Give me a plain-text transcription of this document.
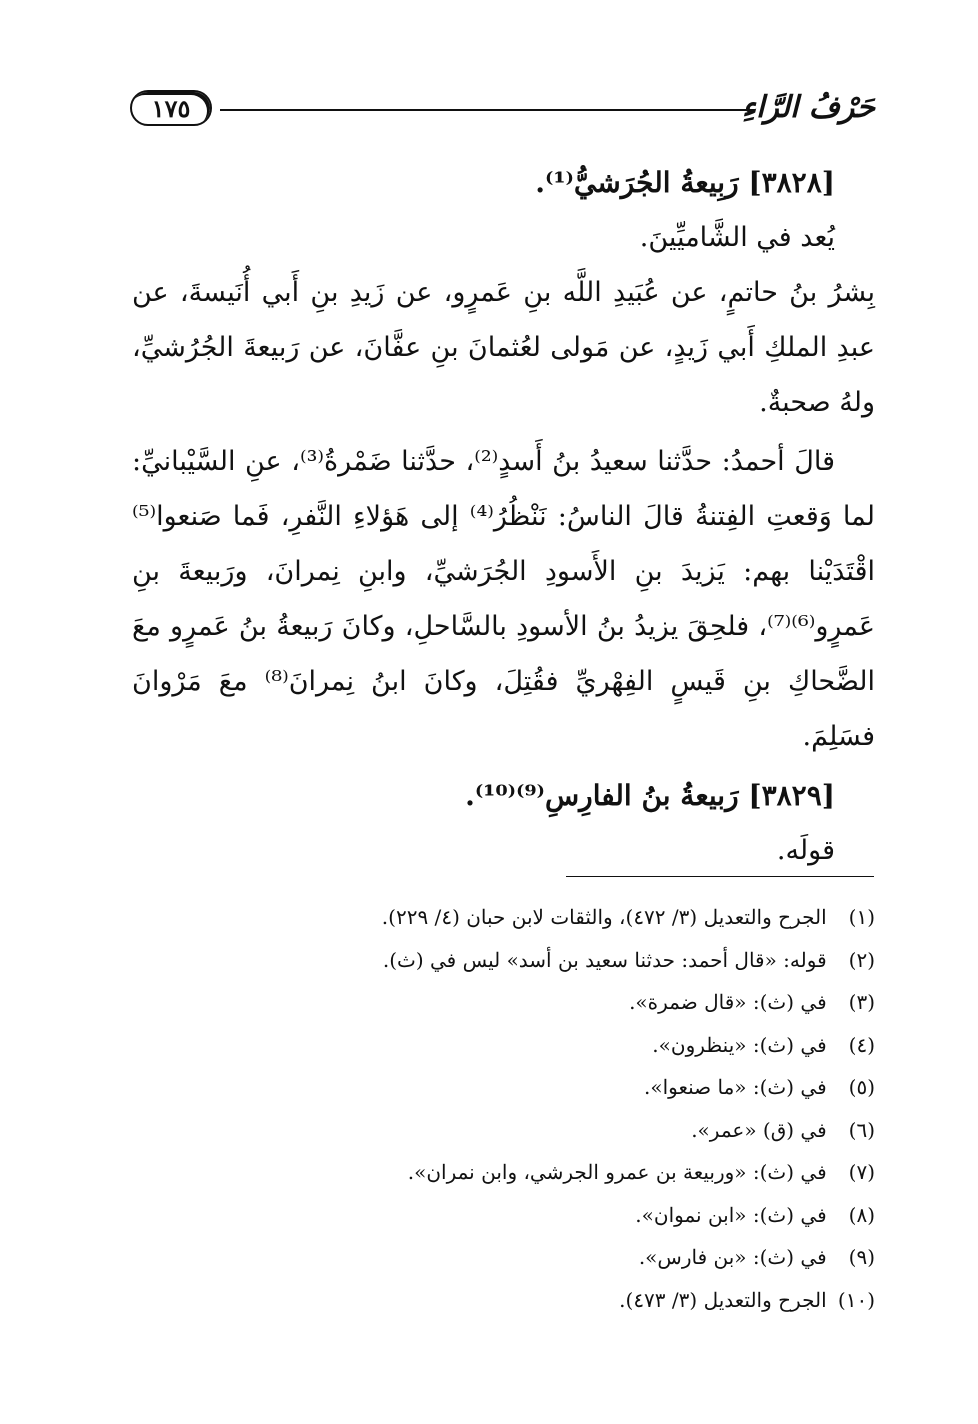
١٧٥	حَرْفُ الرَّاءِ

[٣٨٢٨] رَبِيعةُ الجُرَشيُّ⁽¹⁾.

يُعد في الشَّاميِّينَ.

بِشرُ بنُ حاتمٍ، عن عُبَيدِ اللَّه بنِ عَمرٍو، عن زَيدِ بنِ أَبي أُنَيسةَ، عن عبدِ الملكِ أَبي زَيدٍ، عن مَولى لعُثمانَ بنِ عفَّانَ، عن رَبيعةَ الجُرُشيِّ، ولهُ صحبةٌ.

قالَ أحمدُ: حدَّثنا سعيدُ بنُ أَسدٍ⁽²⁾، حدَّثنا ضَمْرةُ⁽³⁾، عنِ السَّيْبانيِّ: لما وَقعتِ الفِتنةُ قالَ الناسُ: نَنْظُرُ⁽⁴⁾ إلى هَؤلاءِ النَّفرِ، فَما صَنعوا⁽⁵⁾ اقْتَدَيْنا بهم: يَزيدَ بنِ الأَسودِ الجُرَشيِّ، وابنِ نِمرانَ، ورَبيعةَ بنِ عَمرٍو⁽⁶⁾⁽⁷⁾، فلحِقَ يزيدُ بنُ الأسودِ بالسَّاحلِ، وكانَ رَبيعةُ بنُ عَمرٍو معَ الضَّحاكِ بنِ قَيسٍ الفِهْريِّ فقُتِلَ، وكانَ ابنُ نِمرانَ⁽⁸⁾ معَ مَرْوانَ فسَلِمَ.

[٣٨٢٩] رَبيعةُ بنُ الفارِسِ⁽⁹⁾⁽¹⁰⁾.

قولَه.

(١) الجرح والتعديل (٣/ ٤٧٢)، والثقات لابن حبان (٤/ ٢٢٩).

(٢) قوله: «قال أحمد: حدثنا سعيد بن أسد» ليس في (ث).

(٣) في (ث): «قال ضمرة».

(٤) في (ث): «ينظرون».

(٥) في (ث): «ما صنعوا».

(٦) في (ق) «عمر».

(٧) في (ث): «وربيعة بن عمرو الجرشي، وابن نمران».

(٨) في (ث): «ابن نموان».

(٩) في (ث): «بن فارس».

(١٠) الجرح والتعديل (٣/ ٤٧٣).
